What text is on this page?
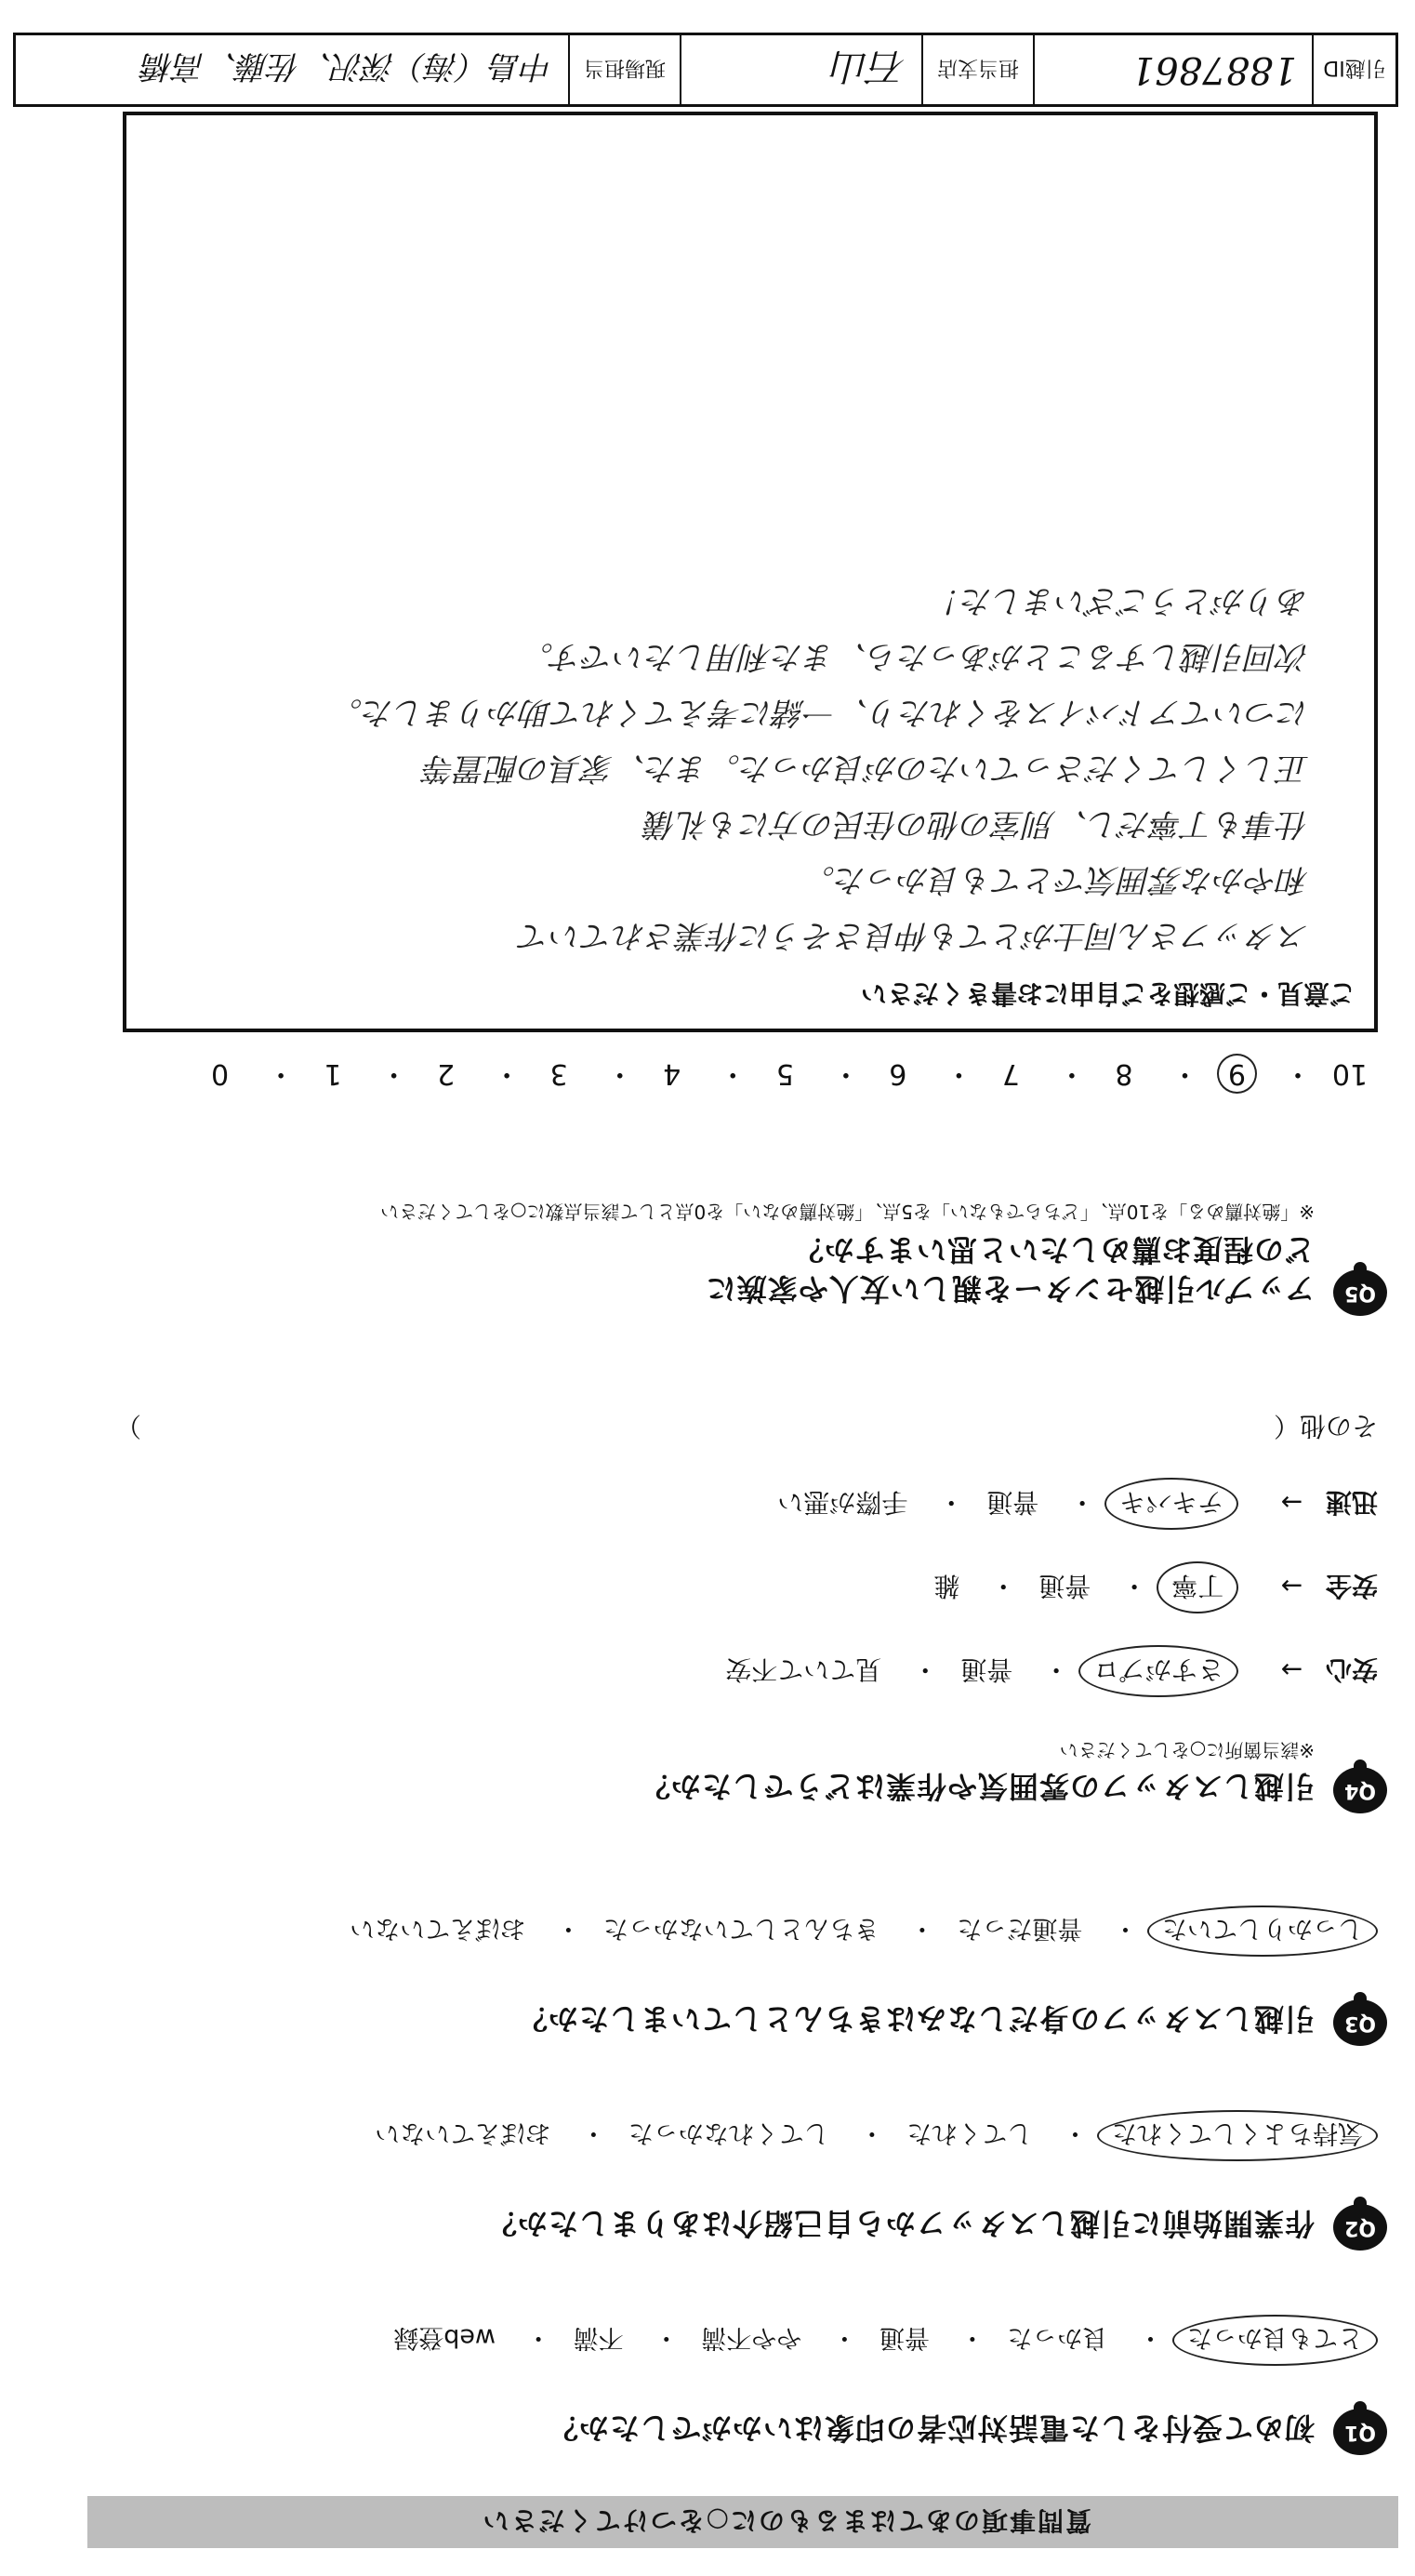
質問事項のあてはまるものに○をつけてください
Q1
初めて受付をした電話対応者の印象はいかがでしたか？
とても良かった・ 良かった・ 普通・ やや不満・ 不満・ web登録
Q2
作業開始前に引越しスタッフから自己紹介はありましたか？
気持ちよくしてくれた・ してくれた・ してくれなかった・ おぼえていない
Q3
引越しスタッフの身だしなみはきちんとしていましたか？
しっかりしていた・ 普通だった・ きちんとしていなかった・ おぼえていない
Q4
引越しスタッフの雰囲気や作業はどうでしたか？
※該当箇所に○をしてください
安心 → さすがプロ・ 普通・ 見ていて不安
安全 → 丁寧・ 普通・ 雑
迅速 → テキパキ・ 普通・ 手際が悪い
その他（
）
Q5
アップル引越センターを親しい友人や家族に
どの程度お薦めしたいと思いますか？
※「絶対薦める」を10点、「どちらでもない」を5点、「絶対薦めない」を0点として該当点数に○をしてください
10・ 9・ 8・ 7・ 6・ 5・ 4・ 3・ 2・ 1・ 0
ご意見・ご感想をご自由にお書きください
スタッフさん同士がとても仲良さそうに作業されていて
和やかな雰囲気でとても良かった。
仕事も丁寧だし、別室の他の住民の方にも礼儀
正しくしてくださっていたのが良かった。また、家具の配置等
についてアドバイスをくれたり、一緒に考えてくれて助かりました。
次回引越しすることがあったら、また利用したいです。
ありがとうございました！
引越ID
1887861
担当支店
石山
現場担当
中島（海）深沢、佐藤、高橋
